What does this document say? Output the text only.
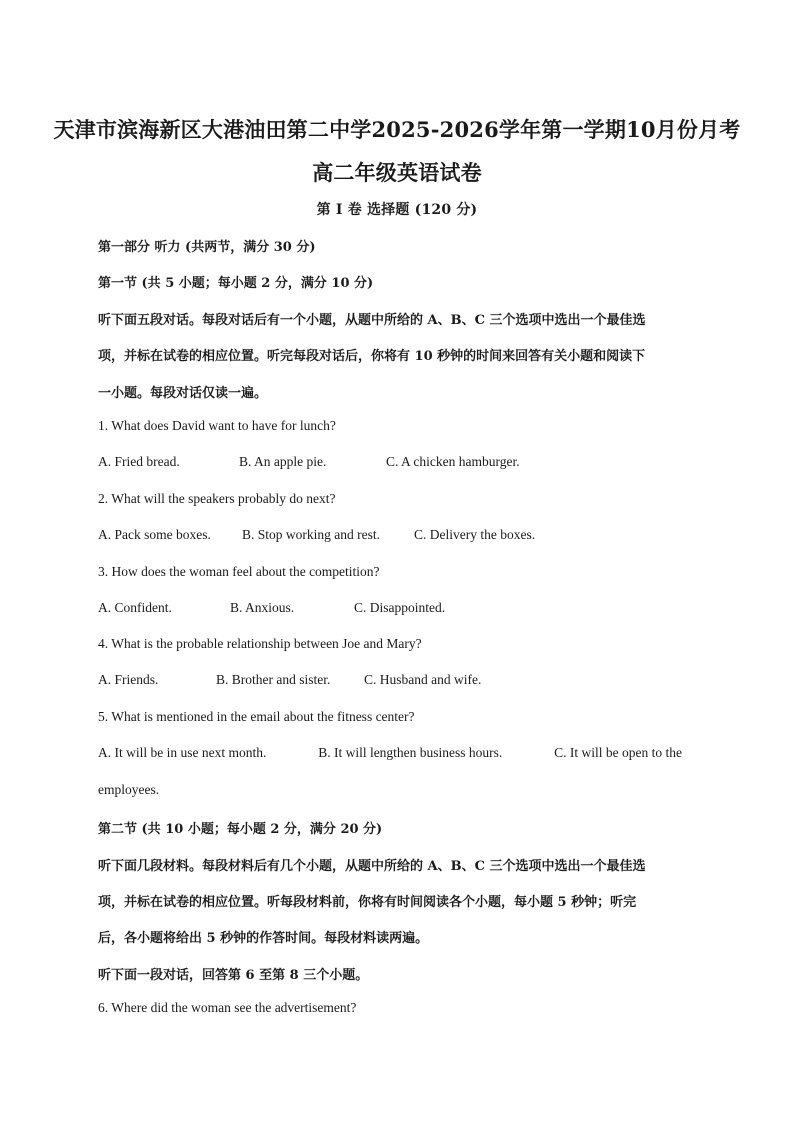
天津市滨海新区大港油田第二中学2025-2026学年第一学期10月份月考
高二年级英语试卷
第 I 卷 选择题 (120 分)
第一部分 听力 (共两节，满分 30 分)
第一节 (共 5 小题；每小题 2 分，满分 10 分)
听下面五段对话。每段对话后有一个小题，从题中所给的 A、B、C 三个选项中选出一个最佳选
项，并标在试卷的相应位置。听完每段对话后，你将有 10 秒钟的时间来回答有关小题和阅读下
一小题。每段对话仅读一遍。
1. What does David want to have for lunch?
A. Fried bread.	B. An apple pie.	C. A chicken hamburger.
2. What will the speakers probably do next?
A. Pack some boxes. B. Stop working and rest.	C. Delivery the boxes.
3. How does the woman feel about the competition?
A. Confident.	B. Anxious.	C. Disappointed.
4. What is the probable relationship between Joe and Mary?
A. Friends.	B. Brother and sister. C. Husband and wife.
5. What is mentioned in the email about the fitness center?
A. It will be in use next month.	B. It will lengthen business hours.	C. It will be open to the
employees.
第二节 (共 10 小题；每小题 2 分，满分 20 分)
听下面几段材料。每段材料后有几个小题，从题中所给的 A、B、C 三个选项中选出一个最佳选
项，并标在试卷的相应位置。听每段材料前，你将有时间阅读各个小题，每小题 5 秒钟；听完
后，各小题将给出 5 秒钟的作答时间。每段材料读两遍。
听下面一段对话，回答第 6 至第 8 三个小题。
6. Where did the woman see the advertisement?
